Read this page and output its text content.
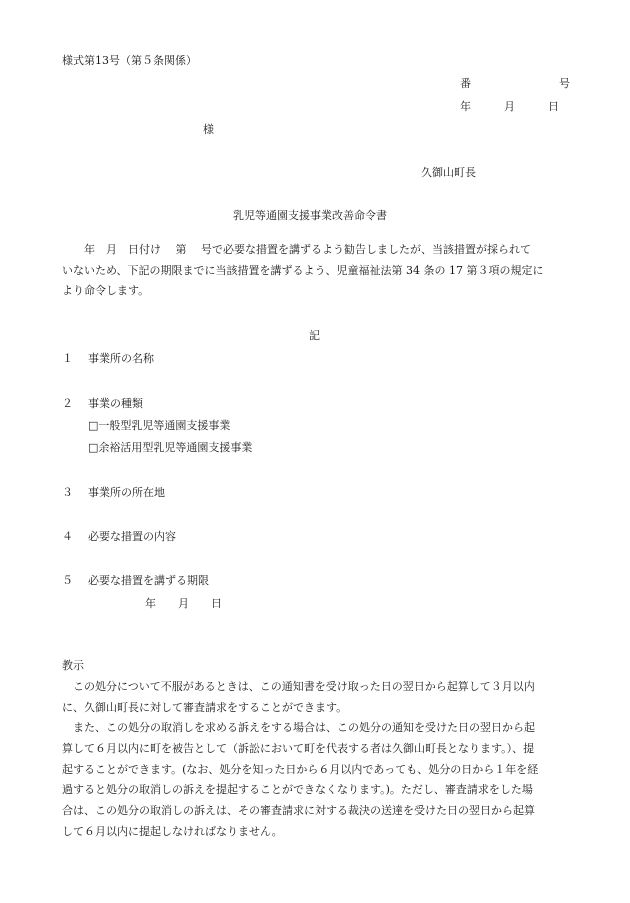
様式第13号（第５条関係）
番　　　　　　　　号
年　　　月　　　日
様
久御山町長
乳児等通園支援事業改善命令書
　　年　月　日付け　 第　 号で必要な措置を講ずるよう勧告しましたが、当該措置が採られて
いないため、下記の期限までに当該措置を講ずるよう、児童福祉法第 34 条の 17 第３項の規定に
より命令します。
記
１ 事業所の名称
２ 事業の種類
□一般型乳児等通園支援事業
□余裕活用型乳児等通園支援事業
３ 事業所の所在地
４ 必要な措置の内容
５ 必要な措置を講ずる期限
年　　月　　日
教示
　この処分について不服があるときは、この通知書を受け取った日の翌日から起算して３月以内
に、久御山町長に対して審査請求をすることができます。
　また、この処分の取消しを求める訴えをする場合は、この処分の通知を受けた日の翌日から起
算して６月以内に町を被告として（訴訟において町を代表する者は久御山町長となります。）、提
起することができます。(なお、処分を知った日から６月以内であっても、処分の日から１年を経
過すると処分の取消しの訴えを提起することができなくなります。)。ただし、審査請求をした場
合は、この処分の取消しの訴えは、その審査請求に対する裁決の送達を受けた日の翌日から起算
して６月以内に提起しなければなりません。
